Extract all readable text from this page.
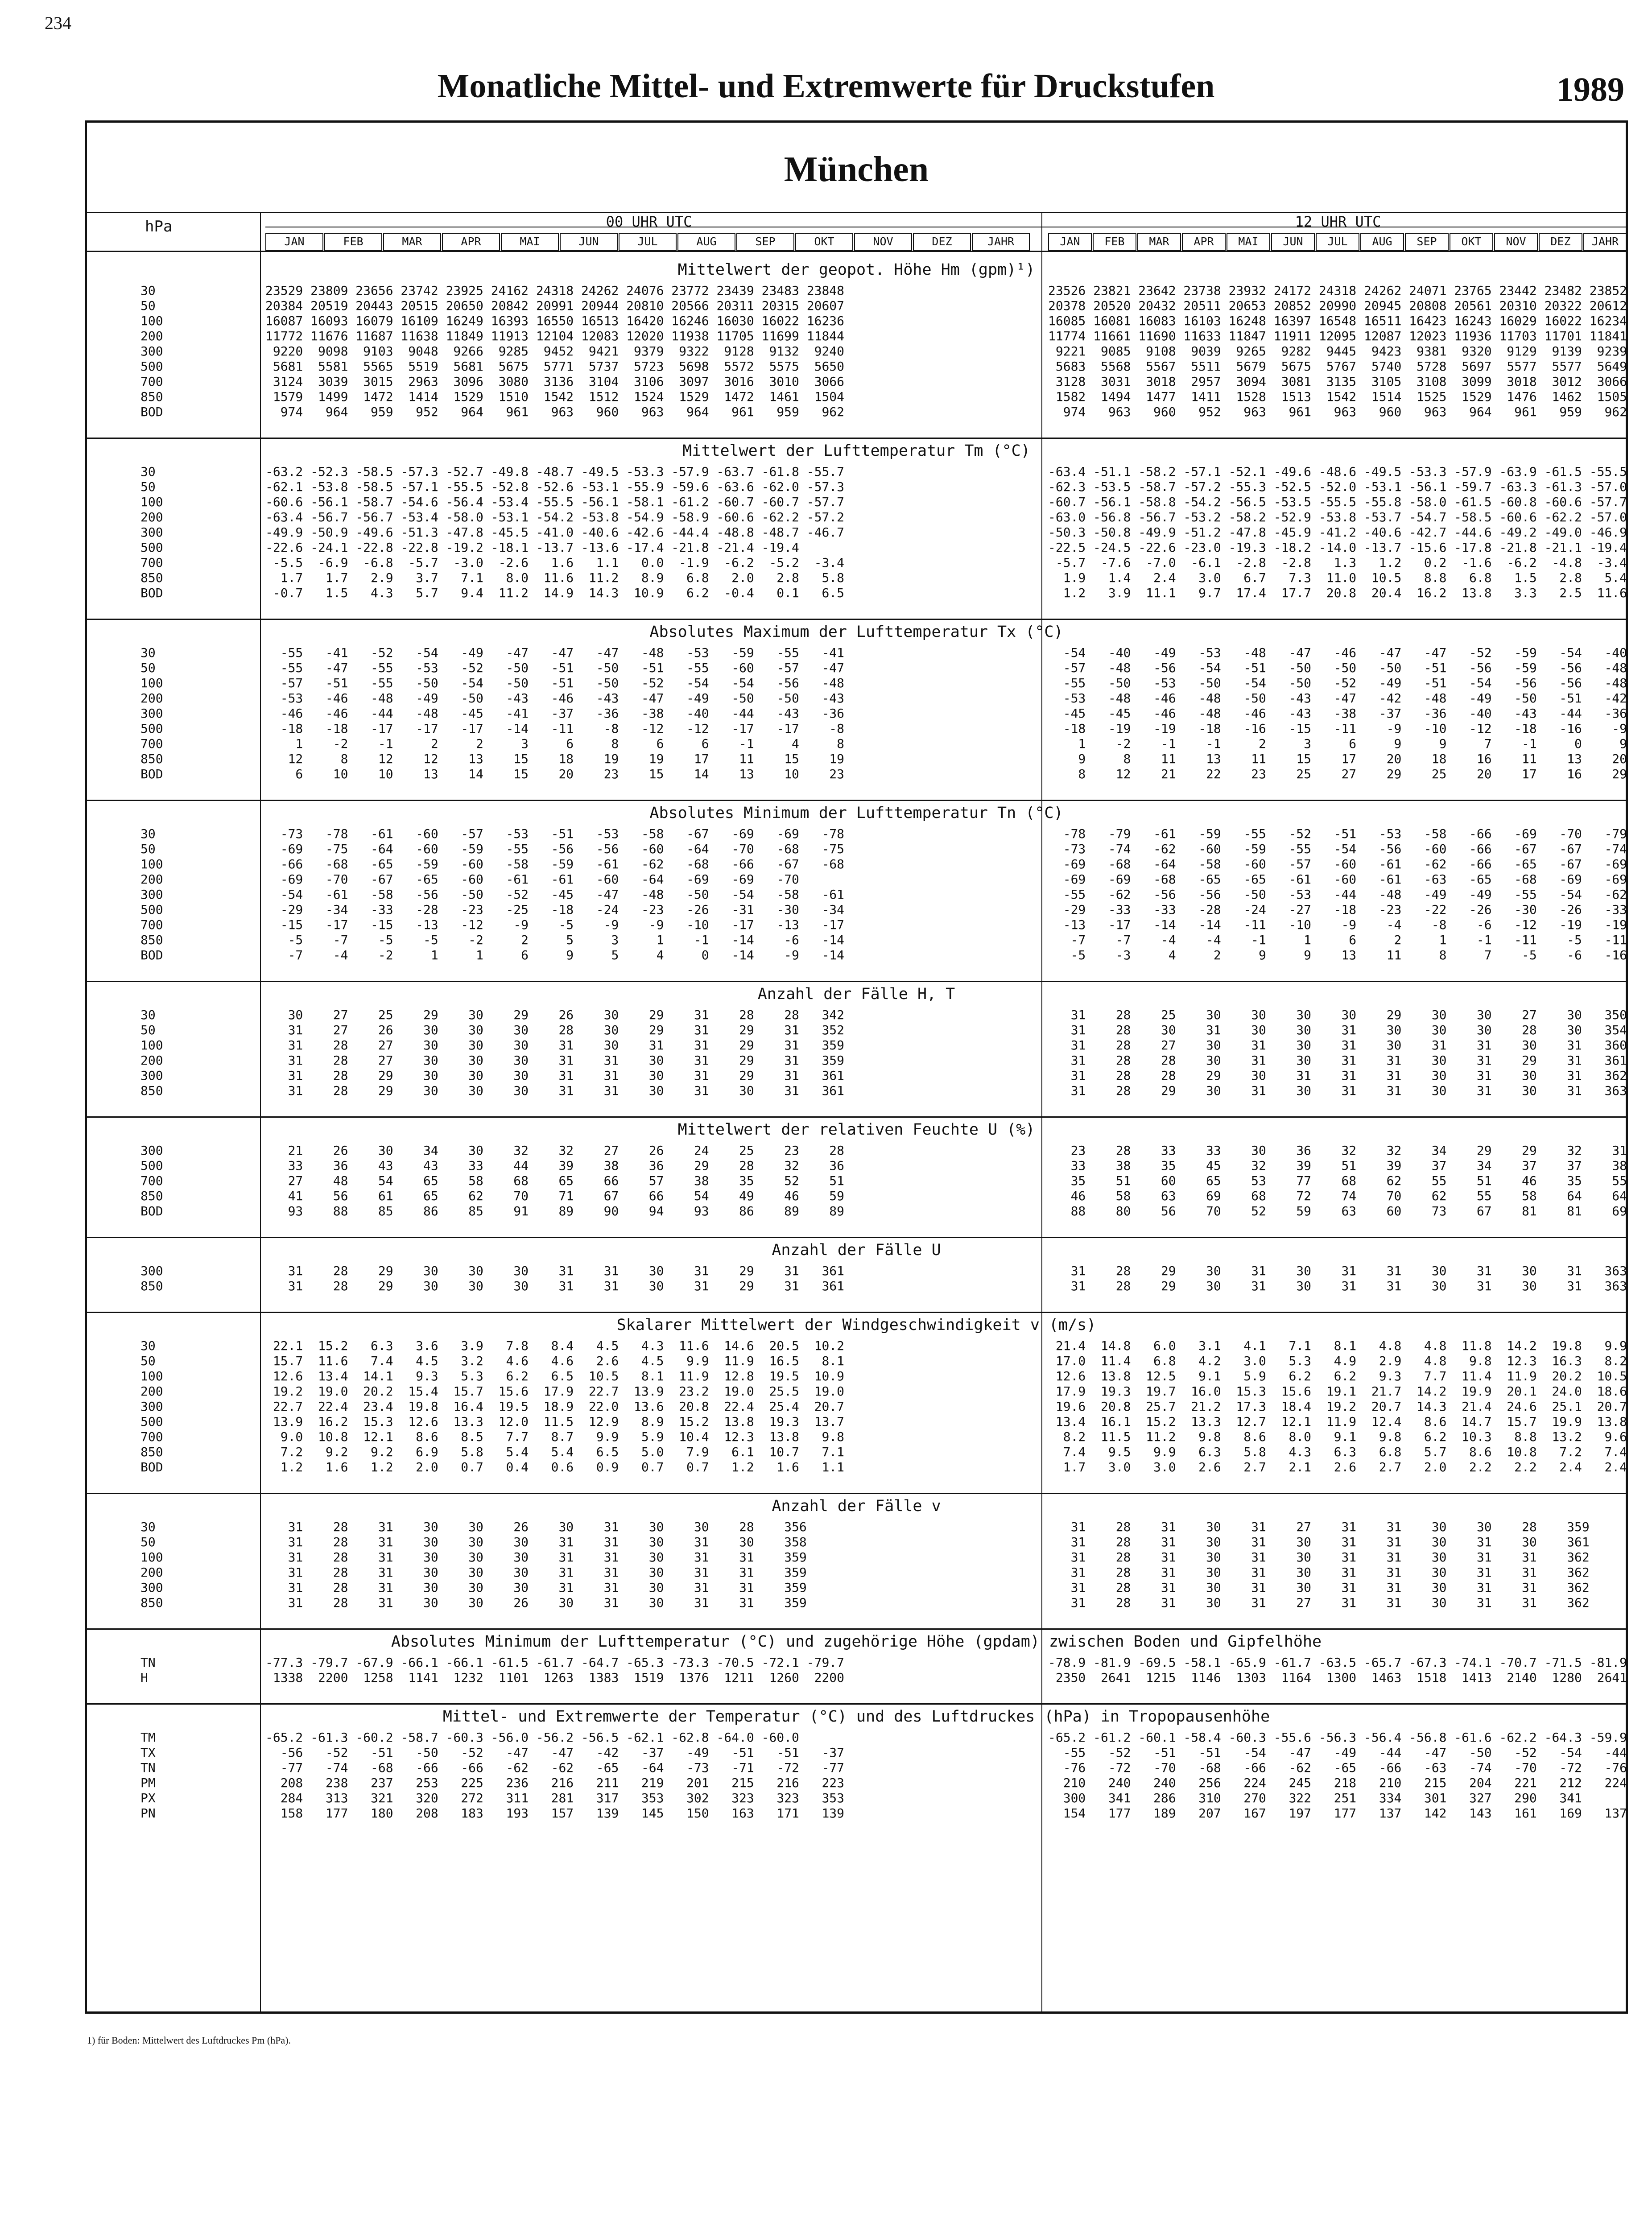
234
Monatliche Mittel- und Extremwerte für Druckstufen	1989
München
hPa	00 UHR UTC	12 UHR UTC
JAN	FEB	MAR	APR	MAI	JUN	JUL	AUG	SEP	OKT	NOV	DEZ	JAHR	JAN	FEB	MAR	APR	MAI	JUN	JUL	AUG	SEP	OKT	NOV	DEZ	JAHR
Mittelwert der geopot. Höhe Hm (gpm)¹)
30	23529 23809 23656 23742 23925 24162 24318 24262 24076 23772 23439 23483 23848	23526 23821 23642 23738 23932 24172 24318 24262 24071 23765 23442 23482 23852
50	20384 20519 20443 20515 20650 20842 20991 20944 20810 20566 20311 20315 20607	20378 20520 20432 20511 20653 20852 20990 20945 20808 20561 20310 20322 20612
100	16087 16093 16079 16109 16249 16393 16550 16513 16420 16246 16030 16022 16236	16085 16081 16083 16103 16248 16397 16548 16511 16423 16243 16029 16022 16234
200	11772 11676 11687 11638 11849 11913 12104 12083 12020 11938 11705 11699 11844	11774 11661 11690 11633 11847 11911 12095 12087 12023 11936 11703 11701 11841
300	9220  9098  9103  9048  9266  9285  9452  9421  9379  9322  9128  9132  9240	9221  9085  9108  9039  9265  9282  9445  9423  9381  9320  9129  9139  9239
500	5681  5581  5565  5519  5681  5675  5771  5737  5723  5698  5572  5575  5650	5683  5568  5567  5511  5679  5675  5767  5740  5728  5697  5577  5577  5649
700	3124  3039  3015  2963  3096  3080  3136  3104  3106  3097  3016  3010  3066	3128  3031  3018  2957  3094  3081  3135  3105  3108  3099  3018  3012  3066
850	1579  1499  1472  1414  1529  1510  1542  1512  1524  1529  1472  1461  1504	1582  1494  1477  1411  1528  1513  1542  1514  1525  1529  1476  1462  1505
BOD	974   964   959   952   964   961   963   960   963   964   961   959   962	974   963   960   952   963   961   963   960   963   964   961   959   962
Mittelwert der Lufttemperatur Tm (°C)
30	-63.2 -52.3 -58.5 -57.3 -52.7 -49.8 -48.7 -49.5 -53.3 -57.9 -63.7 -61.8 -55.7	-63.4 -51.1 -58.2 -57.1 -52.1 -49.6 -48.6 -49.5 -53.3 -57.9 -63.9 -61.5 -55.5
50	-62.1 -53.8 -58.5 -57.1 -55.5 -52.8 -52.6 -53.1 -55.9 -59.6 -63.6 -62.0 -57.3	-62.3 -53.5 -58.7 -57.2 -55.3 -52.5 -52.0 -53.1 -56.1 -59.7 -63.3 -61.3 -57.0
100	-60.6 -56.1 -58.7 -54.6 -56.4 -53.4 -55.5 -56.1 -58.1 -61.2 -60.7 -60.7 -57.7	-60.7 -56.1 -58.8 -54.2 -56.5 -53.5 -55.5 -55.8 -58.0 -61.5 -60.8 -60.6 -57.7
200	-63.4 -56.7 -56.7 -53.4 -58.0 -53.1 -54.2 -53.8 -54.9 -58.9 -60.6 -62.2 -57.2	-63.0 -56.8 -56.7 -53.2 -58.2 -52.9 -53.8 -53.7 -54.7 -58.5 -60.6 -62.2 -57.0
300	-49.9 -50.9 -49.6 -51.3 -47.8 -45.5 -41.0 -40.6 -42.6 -44.4 -48.8 -48.7 -46.7	-50.3 -50.8 -49.9 -51.2 -47.8 -45.9 -41.2 -40.6 -42.7 -44.6 -49.2 -49.0 -46.9
500	-22.6 -24.1 -22.8 -22.8 -19.2 -18.1 -13.7 -13.6 -17.4 -21.8 -21.4 -19.4	-22.5 -24.5 -22.6 -23.0 -19.3 -18.2 -14.0 -13.7 -15.6 -17.8 -21.8 -21.1 -19.4
700	-5.5  -6.9  -6.8  -5.7  -3.0  -2.6   1.6   1.1   0.0  -1.9  -6.2  -5.2  -3.4	-5.7  -7.6  -7.0  -6.1  -2.8  -2.8   1.3   1.2   0.2  -1.6  -6.2  -4.8  -3.4
850	1.7   1.7   2.9   3.7   7.1   8.0  11.6  11.2   8.9   6.8   2.0   2.8   5.8	1.9   1.4   2.4   3.0   6.7   7.3  11.0  10.5   8.8   6.8   1.5   2.8   5.4
BOD	-0.7   1.5   4.3   5.7   9.4  11.2  14.9  14.3  10.9   6.2  -0.4   0.1   6.5	1.2   3.9  11.1   9.7  17.4  17.7  20.8  20.4  16.2  13.8   3.3   2.5  11.6
Absolutes Maximum der Lufttemperatur Tx (°C)
30	-55   -41   -52   -54   -49   -47   -47   -47   -48   -53   -59   -55   -41	-54   -40   -49   -53   -48   -47   -46   -47   -47   -52   -59   -54   -40
50	-55   -47   -55   -53   -52   -50   -51   -50   -51   -55   -60   -57   -47	-57   -48   -56   -54   -51   -50   -50   -50   -51   -56   -59   -56   -48
100	-57   -51   -55   -50   -54   -50   -51   -50   -52   -54   -54   -56   -48	-55   -50   -53   -50   -54   -50   -52   -49   -51   -54   -56   -56   -48
200	-53   -46   -48   -49   -50   -43   -46   -43   -47   -49   -50   -50   -43	-53   -48   -46   -48   -50   -43   -47   -42   -48   -49   -50   -51   -42
300	-46   -46   -44   -48   -45   -41   -37   -36   -38   -40   -44   -43   -36	-45   -45   -46   -48   -46   -43   -38   -37   -36   -40   -43   -44   -36
500	-18   -18   -17   -17   -17   -14   -11    -8   -12   -12   -17   -17    -8	-18   -19   -19   -18   -16   -15   -11    -9   -10   -12   -18   -16    -9
700	1    -2    -1     2     2     3     6     8     6     6    -1     4     8	1    -2    -1    -1     2     3     6     9     9     7    -1     0     9
850	12     8    12    12    13    15    18    19    19    17    11    15    19	9     8    11    13    11    15    17    20    18    16    11    13    20
BOD	6    10    10    13    14    15    20    23    15    14    13    10    23	8    12    21    22    23    25    27    29    25    20    17    16    29
Absolutes Minimum der Lufttemperatur Tn (°C)
30	-73   -78   -61   -60   -57   -53   -51   -53   -58   -67   -69   -69   -78	-78   -79   -61   -59   -55   -52   -51   -53   -58   -66   -69   -70   -79
50	-69   -75   -64   -60   -59   -55   -56   -56   -60   -64   -70   -68   -75	-73   -74   -62   -60   -59   -55   -54   -56   -60   -66   -67   -67   -74
100	-66   -68   -65   -59   -60   -58   -59   -61   -62   -68   -66   -67   -68	-69   -68   -64   -58   -60   -57   -60   -61   -62   -66   -65   -67   -69
200	-69   -70   -67   -65   -60   -61   -61   -60   -64   -69   -69   -70	-69   -69   -68   -65   -65   -61   -60   -61   -63   -65   -68   -69   -69
300	-54   -61   -58   -56   -50   -52   -45   -47   -48   -50   -54   -58   -61	-55   -62   -56   -56   -50   -53   -44   -48   -49   -49   -55   -54   -62
500	-29   -34   -33   -28   -23   -25   -18   -24   -23   -26   -31   -30   -34	-29   -33   -33   -28   -24   -27   -18   -23   -22   -26   -30   -26   -33
700	-15   -17   -15   -13   -12    -9    -5    -9    -9   -10   -17   -13   -17	-13   -17   -14   -14   -11   -10    -9    -4    -8    -6   -12   -19   -19
850	-5    -7    -5    -5    -2     2     5     3     1    -1   -14    -6   -14	-7    -7    -4    -4    -1     1     6     2     1    -1   -11    -5   -11
BOD	-7    -4    -2     1     1     6     9     5     4     0   -14    -9   -14	-5    -3     4     2     9     9    13    11     8     7    -5    -6   -16
Anzahl der Fälle H, T
30	30    27    25    29    30    29    26    30    29    31    28    28   342	31    28    25    30    30    30    30    29    30    30    27    30   350
50	31    27    26    30    30    30    28    30    29    31    29    31   352	31    28    30    31    30    30    31    30    30    30    28    30   354
100	31    28    27    30    30    30    31    30    31    31    29    31   359	31    28    27    30    31    30    31    30    31    31    30    31   360
200	31    28    27    30    30    30    31    31    30    31    29    31   359	31    28    28    30    31    30    31    31    30    31    29    31   361
300	31    28    29    30    30    30    31    31    30    31    29    31   361	31    28    28    29    30    31    31    31    30    31    30    31   362
850	31    28    29    30    30    30    31    31    30    31    30    31   361	31    28    29    30    31    30    31    31    30    31    30    31   363
Mittelwert der relativen Feuchte U (%)
300	21    26    30    34    30    32    32    27    26    24    25    23    28	23    28    33    33    30    36    32    32    34    29    29    32    31
500	33    36    43    43    33    44    39    38    36    29    28    32    36	33    38    35    45    32    39    51    39    37    34    37    37    38
700	27    48    54    65    58    68    65    66    57    38    35    52    51	35    51    60    65    53    77    68    62    55    51    46    35    55
850	41    56    61    65    62    70    71    67    66    54    49    46    59	46    58    63    69    68    72    74    70    62    55    58    64    64
BOD	93    88    85    86    85    91    89    90    94    93    86    89    89	88    80    56    70    52    59    63    60    73    67    81    81    69
Anzahl der Fälle U
300	31    28    29    30    30    30    31    31    30    31    29    31   361	31    28    29    30    31    30    31    31    30    31    30    31   363
850	31    28    29    30    30    30    31    31    30    31    29    31   361	31    28    29    30    31    30    31    31    30    31    30    31   363
Skalarer Mittelwert der Windgeschwindigkeit v (m/s)
30	22.1  15.2   6.3   3.6   3.9   7.8   8.4   4.5   4.3  11.6  14.6  20.5  10.2	21.4  14.8   6.0   3.1   4.1   7.1   8.1   4.8   4.8  11.8  14.2  19.8   9.9
50	15.7  11.6   7.4   4.5   3.2   4.6   4.6   2.6   4.5   9.9  11.9  16.5   8.1	17.0  11.4   6.8   4.2   3.0   5.3   4.9   2.9   4.8   9.8  12.3  16.3   8.2
100	12.6  13.4  14.1   9.3   5.3   6.2   6.5  10.5   8.1  11.9  12.8  19.5  10.9	12.6  13.8  12.5   9.1   5.9   6.2   6.2   9.3   7.7  11.4  11.9  20.2  10.5
200	19.2  19.0  20.2  15.4  15.7  15.6  17.9  22.7  13.9  23.2  19.0  25.5  19.0	17.9  19.3  19.7  16.0  15.3  15.6  19.1  21.7  14.2  19.9  20.1  24.0  18.6
300	22.7  22.4  23.4  19.8  16.4  19.5  18.9  22.0  13.6  20.8  22.4  25.4  20.7	19.6  20.8  25.7  21.2  17.3  18.4  19.2  20.7  14.3  21.4  24.6  25.1  20.7
500	13.9  16.2  15.3  12.6  13.3  12.0  11.5  12.9   8.9  15.2  13.8  19.3  13.7	13.4  16.1  15.2  13.3  12.7  12.1  11.9  12.4   8.6  14.7  15.7  19.9  13.8
700	9.0  10.8  12.1   8.6   8.5   7.7   8.7   9.9   5.9  10.4  12.3  13.8   9.8	8.2  11.5  11.2   9.8   8.6   8.0   9.1   9.8   6.2  10.3   8.8  13.2   9.6
850	7.2   9.2   9.2   6.9   5.8   5.4   5.4   6.5   5.0   7.9   6.1  10.7   7.1	7.4   9.5   9.9   6.3   5.8   4.3   6.3   6.8   5.7   8.6  10.8   7.2   7.4
BOD	1.2   1.6   1.2   2.0   0.7   0.4   0.6   0.9   0.7   0.7   1.2   1.6   1.1	1.7   3.0   3.0   2.6   2.7   2.1   2.6   2.7   2.0   2.2   2.2   2.4   2.4
Anzahl der Fälle v
30	31    28    31    30    30    26    30    31    30    30    28    356	31    28    31    30    31    27    31    31    30    30    28    359
50	31    28    31    30    30    30    31    31    30    31    30    358	31    28    31    30    31    30    31    31    30    31    30    361
100	31    28    31    30    30    30    31    31    30    31    31    359	31    28    31    30    31    30    31    31    30    31    31    362
200	31    28    31    30    30    30    31    31    30    31    31    359	31    28    31    30    31    30    31    31    30    31    31    362
300	31    28    31    30    30    30    31    31    30    31    31    359	31    28    31    30    31    30    31    31    30    31    31    362
850	31    28    31    30    30    26    30    31    30    31    31    359	31    28    31    30    31    27    31    31    30    31    31    362
Absolutes Minimum der Lufttemperatur (°C) und zugehörige Höhe (gpdam) zwischen Boden und Gipfelhöhe
TN	-77.3 -79.7 -67.9 -66.1 -66.1 -61.5 -61.7 -64.7 -65.3 -73.3 -70.5 -72.1 -79.7	-78.9 -81.9 -69.5 -58.1 -65.9 -61.7 -63.5 -65.7 -67.3 -74.1 -70.7 -71.5 -81.9
H	1338  2200  1258  1141  1232  1101  1263  1383  1519  1376  1211  1260  2200	2350  2641  1215  1146  1303  1164  1300  1463  1518  1413  2140  1280  2641
Mittel- und Extremwerte der Temperatur (°C) und des Luftdruckes (hPa) in Tropopausenhöhe
TM	-65.2 -61.3 -60.2 -58.7 -60.3 -56.0 -56.2 -56.5 -62.1 -62.8 -64.0 -60.0	-65.2 -61.2 -60.1 -58.4 -60.3 -55.6 -56.3 -56.4 -56.8 -61.6 -62.2 -64.3 -59.9
TX	-56   -52   -51   -50   -52   -47   -47   -42   -37   -49   -51   -51   -37	-55   -52   -51   -51   -54   -47   -49   -44   -47   -50   -52   -54   -44
TN	-77   -74   -68   -66   -66   -62   -62   -65   -64   -73   -71   -72   -77	-76   -72   -70   -68   -66   -62   -65   -66   -63   -74   -70   -72   -76
PM	208   238   237   253   225   236   216   211   219   201   215   216   223	210   240   240   256   224   245   218   210   215   204   221   212   224
PX	284   313   321   320   272   311   281   317   353   302   323   323   353	300   341   286   310   270   322   251   334   301   327   290   341
PN	158   177   180   208   183   193   157   139   145   150   163   171   139	154   177   189   207   167   197   177   137   142   143   161   169   137
1) für Boden: Mittelwert des Luftdruckes Pm (hPa).
